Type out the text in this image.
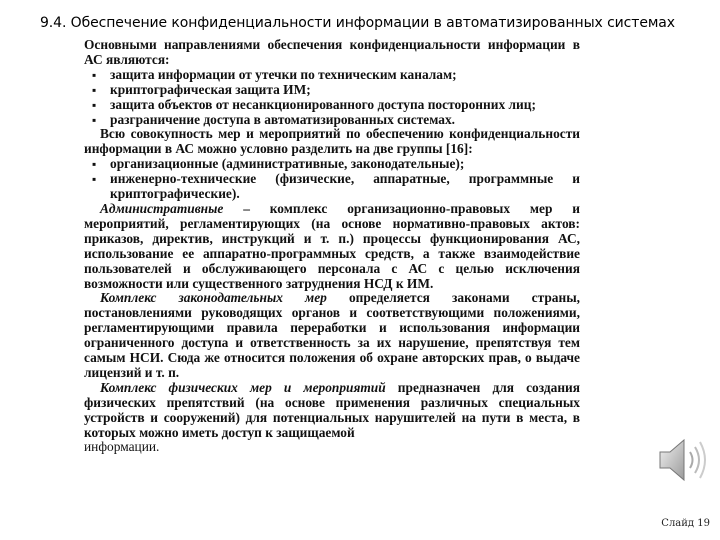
9.4. Обеспечение конфиденциальности информации в автоматизированных системах

Основными направлениями обеспечения конфиденциальности информации в АС являются:

▪ защита информации от утечки по техническим каналам;
▪ криптографическая защита ИМ;
▪ защита объектов от несанкционированного доступа посторонних лиц;
▪ разграничение доступа в автоматизированных системах.

Всю совокупность мер и мероприятий по обеспечению конфиденциальности информации в АС можно условно разделить на две группы [16]:

▪ организационные (административные, законодательные);
▪ инженерно-технические (физические, аппаратные, программные и криптографические).

Административные – комплекс организационно-правовых мер и мероприятий, регламентирующих (на основе нормативно-правовых актов: приказов, директив, инструкций и т. п.) процессы функционирования АС, использование ее аппаратно-программных средств, а также взаимодействие пользователей и обслуживающего персонала с АС с целью исключения возможности или существенного затруднения НСД к ИМ.

Комплекс законодательных мер определяется законами страны, постановлениями руководящих органов и соответствующими положениями, регламентирующими правила переработки и использования информации ограниченного доступа и ответственность за их нарушение, препятствуя тем самым НСИ. Сюда же относится положения об охране авторских прав, о выдаче лицензий и т. п.

Комплекс физических мер и мероприятий предназначен для создания физических препятствий (на основе применения различных специальных устройств и сооружений) для потенциальных нарушителей на пути в места, в которых можно иметь доступ к защищаемой

информации.

Слайд 19
